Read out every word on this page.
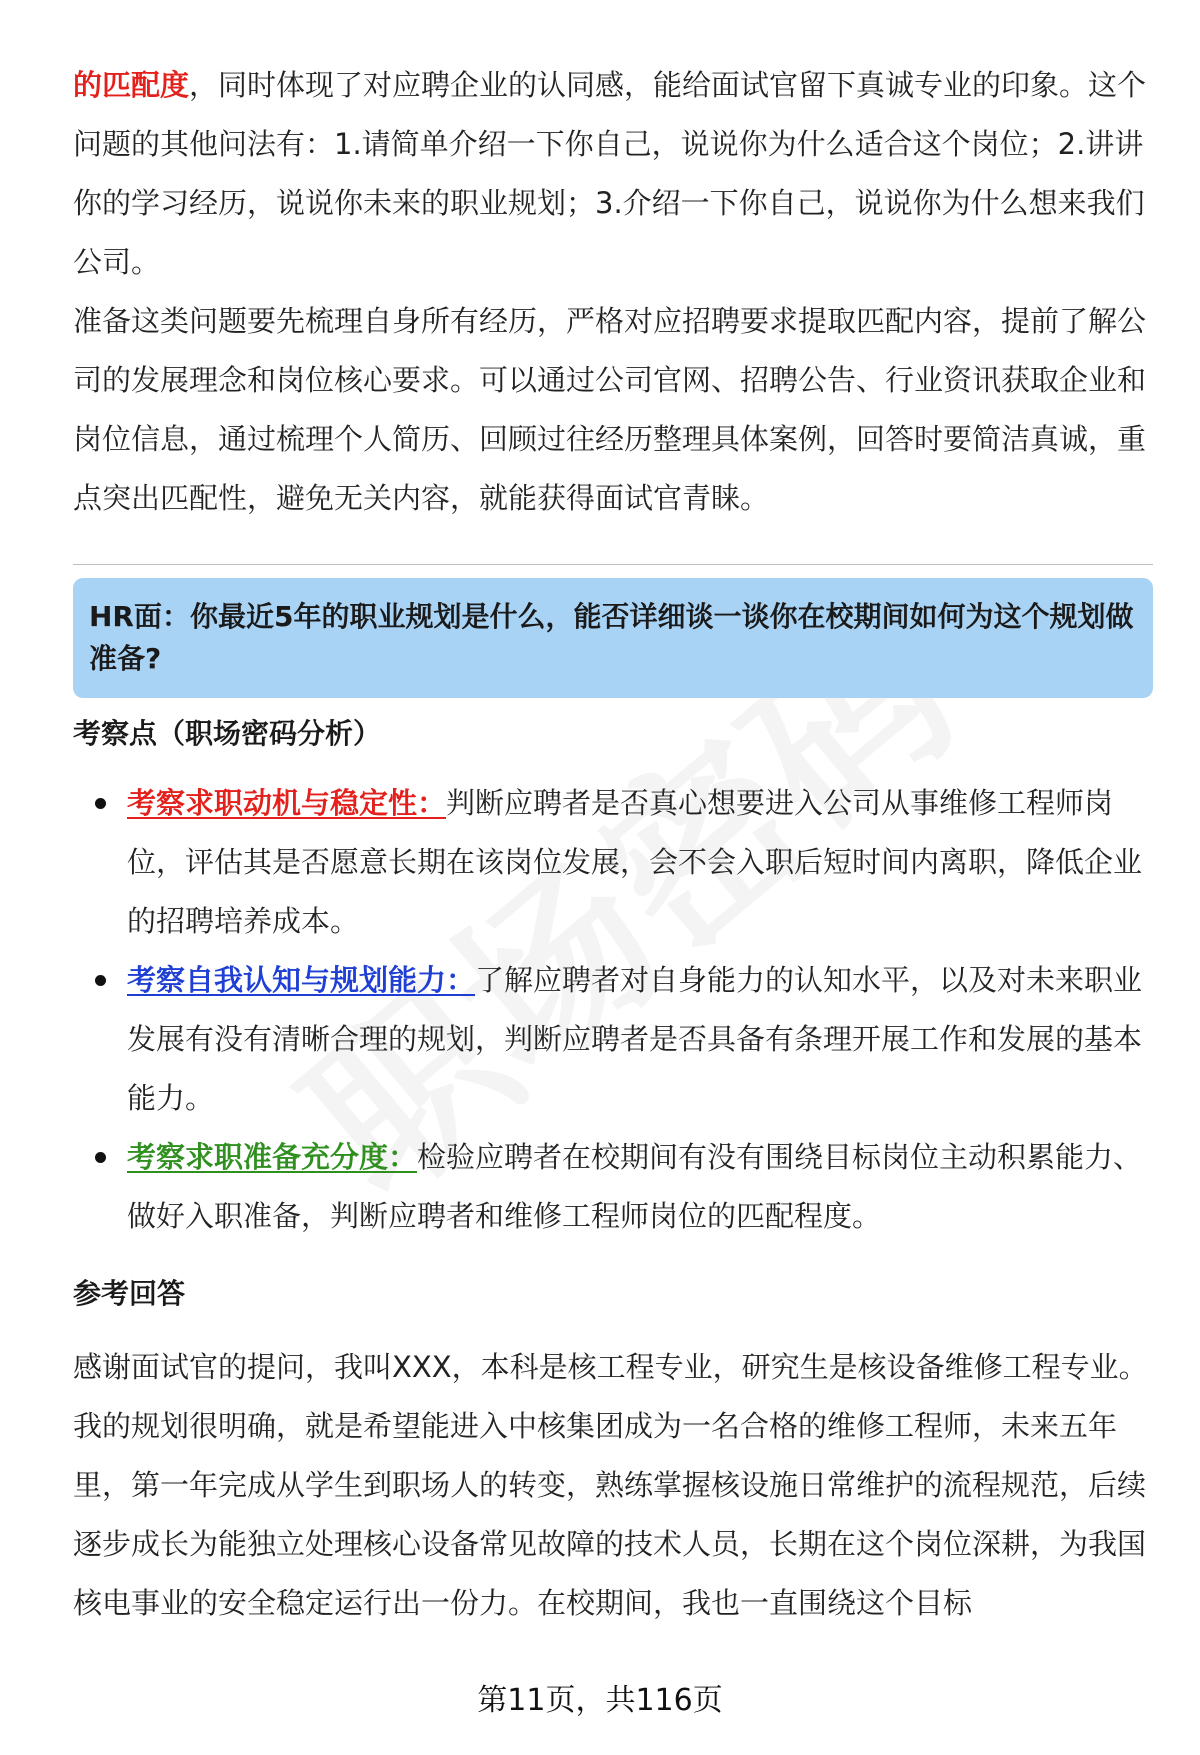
的匹配度，同时体现了对应聘企业的认同感，能给面试官留下真诚专业的印象。这个问题的其他问法有：1.请简单介绍一下你自己，说说你为什么适合这个岗位；2.讲讲你的学习经历，说说你未来的职业规划；3.介绍一下你自己，说说你为什么想来我们公司。

准备这类问题要先梳理自身所有经历，严格对应招聘要求提取匹配内容，提前了解公司的发展理念和岗位核心要求。可以通过公司官网、招聘公告、行业资讯获取企业和岗位信息，通过梳理个人简历、回顾过往经历整理具体案例，回答时要简洁真诚，重点突出匹配性，避免无关内容，就能获得面试官青睐。

HR面：你最近5年的职业规划是什么，能否详细谈一谈你在校期间如何为这个规划做准备?
考察点（职场密码分析）
考察求职动机与稳定性：判断应聘者是否真心想要进入公司从事维修工程师岗位，评估其是否愿意长期在该岗位发展，会不会入职后短时间内离职，降低企业的招聘培养成本。
考察自我认知与规划能力：了解应聘者对自身能力的认知水平，以及对未来职业发展有没有清晰合理的规划，判断应聘者是否具备有条理开展工作和发展的基本能力。
考察求职准备充分度：检验应聘者在校期间有没有围绕目标岗位主动积累能力、做好入职准备，判断应聘者和维修工程师岗位的匹配程度。
参考回答

感谢面试官的提问，我叫XXX，本科是核工程专业，研究生是核设备维修工程专业。我的规划很明确，就是希望能进入中核集团成为一名合格的维修工程师，未来五年里，第一年完成从学生到职场人的转变，熟练掌握核设施日常维护的流程规范，后续逐步成长为能独立处理核心设备常见故障的技术人员，长期在这个岗位深耕，为我国核电事业的安全稳定运行出一份力。在校期间，我也一直围绕这个目标

第11页，共116页
